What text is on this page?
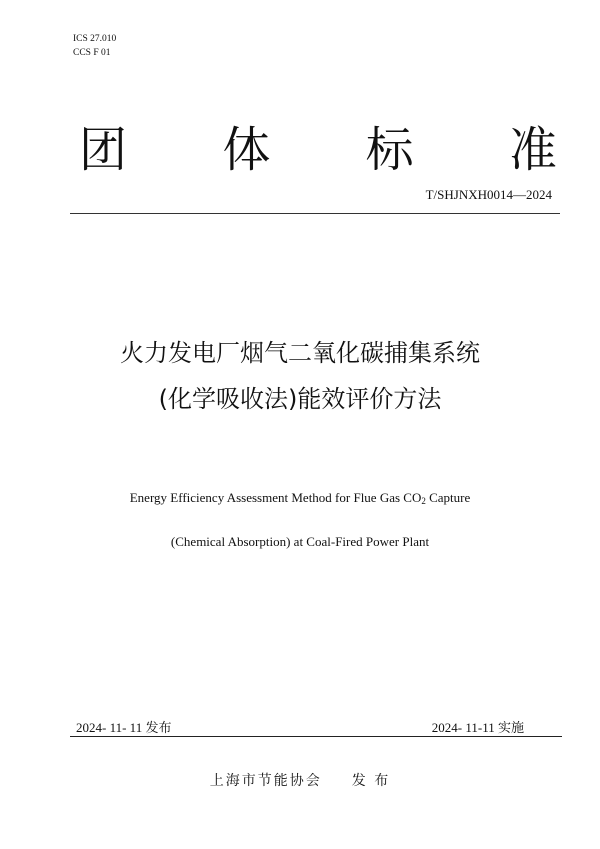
ICS 27.010
CCS F 01
团 体 标 准
T/SHJNXH0014—2024
火力发电厂烟气二氧化碳捕集系统
(化学吸收法)能效评价方法
Energy Efficiency Assessment Method for Flue Gas $CO_2$ Capture
(Chemical Absorption) at Coal-Fired Power Plant
2024- 11- 11 发布	2024- 11-11 实施
上海市节能协会 发 布
